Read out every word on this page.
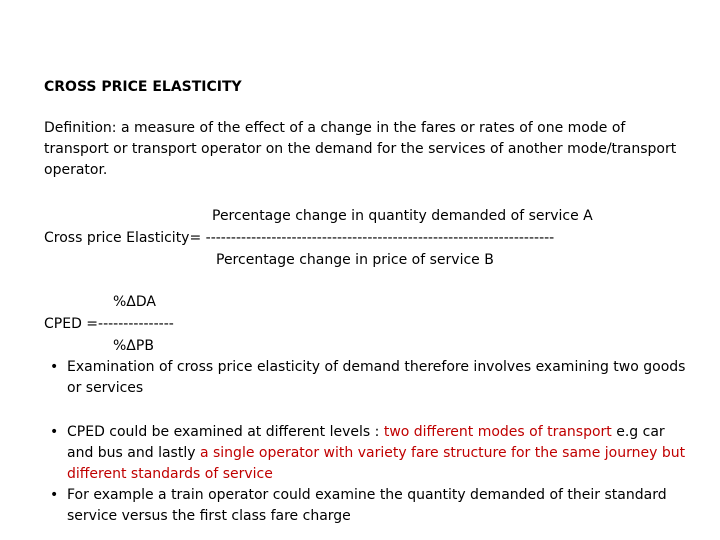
CROSS PRICE ELASTICITY
Definition: a measure of the effect of a change in the fares or rates of one mode of transport or transport operator on the demand for the services of another mode/transport operator.
Percentage change in quantity demanded of service A
Cross price Elasticity= ---------------------------------------------------------------------
Percentage change in price of service B
%ΔDA
CPED =---------------
%ΔPB
• Examination of cross price elasticity of demand therefore involves examining two goods or services
• CPED could be examined at different levels : two different modes of transport e.g car and bus and lastly a single operator with variety fare structure for the same journey but different standards of service
• For example a train operator could examine the quantity demanded of their standard service versus the first class fare charge
